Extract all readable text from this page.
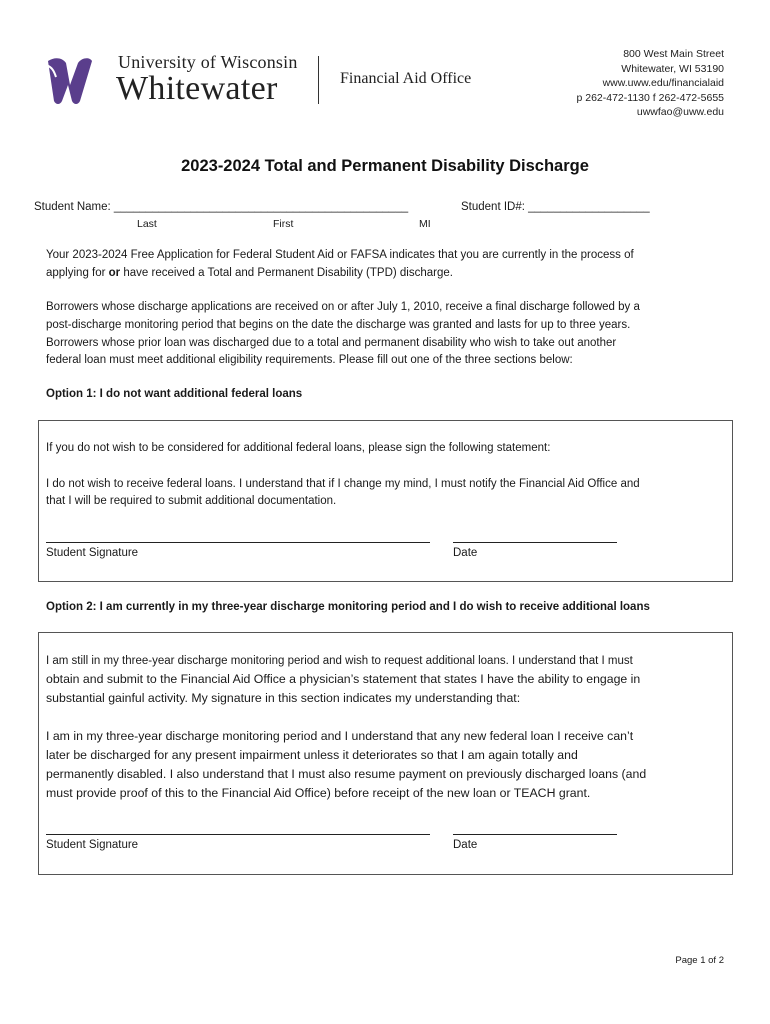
University of Wisconsin
Whitewater	Financial Aid Office
800 West Main Street
Whitewater, WI 53190
www.uww.edu/financialaid
p 262-472-1130 f 262-472-5655
uwwfao@uww.edu
2023-2024 Total and Permanent Disability Discharge
Student Name: ______________________________________________	Student ID#: ___________________
Last	First	MI
Your 2023-2024 Free Application for Federal Student Aid or FAFSA indicates that you are currently in the process of
applying for or have received a Total and Permanent Disability (TPD) discharge.
Borrowers whose discharge applications are received on or after July 1, 2010, receive a final discharge followed by a
post-discharge monitoring period that begins on the date the discharge was granted and lasts for up to three years.
Borrowers whose prior loan was discharged due to a total and permanent disability who wish to take out another
federal loan must meet additional eligibility requirements. Please fill out one of the three sections below:
Option 1: I do not want additional federal loans
If you do not wish to be considered for additional federal loans, please sign the following statement:
I do not wish to receive federal loans. I understand that if I change my mind, I must notify the Financial Aid Office and
that I will be required to submit additional documentation.
Student Signature	Date
Option 2: I am currently in my three-year discharge monitoring period and I do wish to receive additional loans
I am still in my three-year discharge monitoring period and wish to request additional loans. I understand that I must
obtain and submit to the Financial Aid Office a physician’s statement that states I have the ability to engage in
substantial gainful activity. My signature in this section indicates my understanding that:
I am in my three-year discharge monitoring period and I understand that any new federal loan I receive can’t
later be discharged for any present impairment unless it deteriorates so that I am again totally and
permanently disabled. I also understand that I must also resume payment on previously discharged loans (and
must provide proof of this to the Financial Aid Office) before receipt of the new loan or TEACH grant.
Student Signature	Date
Page 1 of 2
